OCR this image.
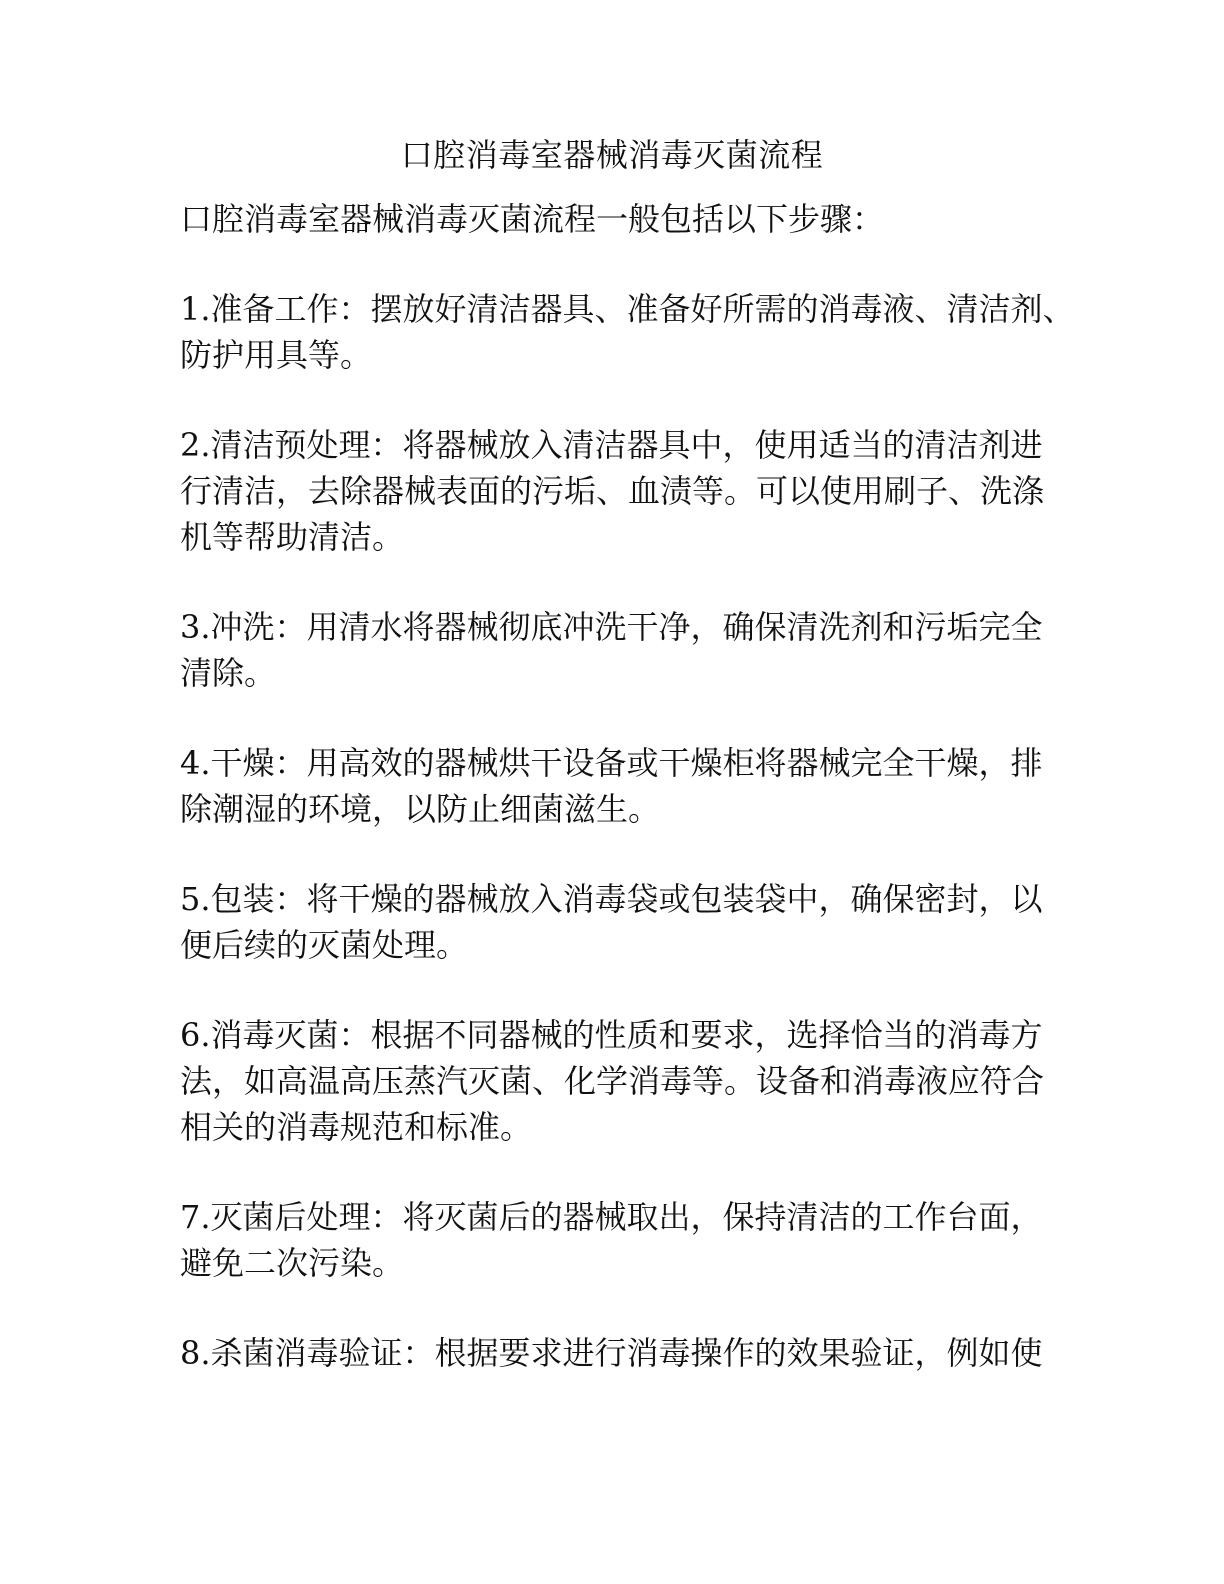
口腔消毒室器械消毒灭菌流程

口腔消毒室器械消毒灭菌流程一般包括以下步骤：

1.准备工作：摆放好清洁器具、准备好所需的消毒液、清洁剂、
防护用具等。
2.清洁预处理：将器械放入清洁器具中，使用适当的清洁剂进
行清洁，去除器械表面的污垢、血渍等。可以使用刷子、洗涤
机等帮助清洁。
3.冲洗：用清水将器械彻底冲洗干净，确保清洗剂和污垢完全
清除。
4.干燥：用高效的器械烘干设备或干燥柜将器械完全干燥，排
除潮湿的环境，以防止细菌滋生。
5.包装：将干燥的器械放入消毒袋或包装袋中，确保密封，以
便后续的灭菌处理。
6.消毒灭菌：根据不同器械的性质和要求，选择恰当的消毒方
法，如高温高压蒸汽灭菌、化学消毒等。设备和消毒液应符合
相关的消毒规范和标准。
7.灭菌后处理：将灭菌后的器械取出，保持清洁的工作台面，
避免二次污染。
8.杀菌消毒验证：根据要求进行消毒操作的效果验证，例如使
